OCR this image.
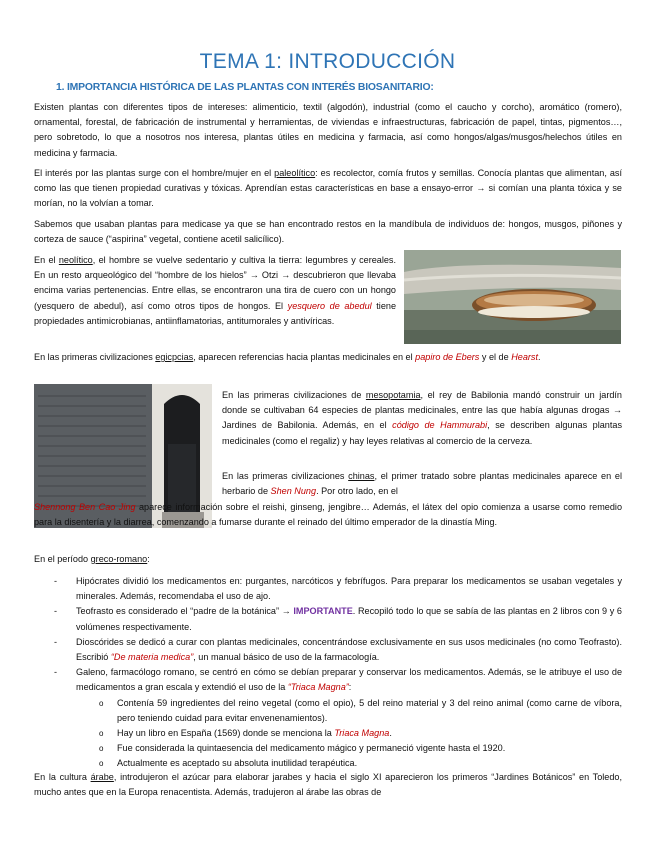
TEMA 1: INTRODUCCIÓN
1. IMPORTANCIA HISTÓRICA DE LAS PLANTAS CON INTERÉS BIOSANITARIO:

Existen plantas con diferentes tipos de intereses: alimenticio, textil (algodón), industrial (como el caucho y corcho), aromático (romero), ornamental, forestal, de fabricación de instrumental y herramientas, de viviendas e infraestructuras, fabricación de papel, tintas, pigmentos…, pero sobretodo, lo que a nosotros nos interesa, plantas útiles en medicina y farmacia, así como hongos/algas/musgos/helechos útiles en medicina y farmacia.

El interés por las plantas surge con el hombre/mujer en el paleolítico: es recolector, comía frutos y semillas. Conocía plantas que alimentan, así como las que tienen propiedad curativas y tóxicas. Aprendían estas características en base a ensayo-error → si comían una planta tóxica y se morían, no la volvían a tomar.

Sabemos que usaban plantas para medicase ya que se han encontrado restos en la mandíbula de individuos de: hongos, musgos, piñones y corteza de sauce (“aspirina” vegetal, contiene acetil salicílico).

En el neolítico, el hombre se vuelve sedentario y cultiva la tierra: legumbres y cereales. En un resto arqueológico del “hombre de los hielos” → Otzi → descubrieron que llevaba encima varias pertenencias. Entre ellas, se encontraron una tira de cuero con un hongo (yesquero de abedul), así como otros tipos de hongos. El yesquero de abedul tiene propiedades antimicrobianas, antiinflamatorias, antitumorales y antivíricas.

En las primeras civilizaciones egicpcias, aparecen referencias hacia plantas medicinales en el papiro de Ebers y el de Hearst.

En las primeras civilizaciones de mesopotamia, el rey de Babilonia mandó construir un jardín donde se cultivaban 64 especies de plantas medicinales, entre las que había algunas drogas → Jardines de Babilonia. Además, en el código de Hammurabi, se describen algunas plantas medicinales (como el regaliz) y hay leyes relativas al comercio de la cerveza.

En las primeras civilizaciones chinas, el primer tratado sobre plantas medicinales aparece en el herbario de Shen Nung. Por otro lado, en el

Shennong Ben Cao Jing aparece información sobre el reishi, ginseng, jengibre… Además, el látex del opio comienza a usarse como remedio para la disentería y la diarrea, comenzando a fumarse durante el reinado del último emperador de la dinastía Ming.

En el período greco-romano:

- Hipócrates dividió los medicamentos en: purgantes, narcóticos y febrífugos. Para preparar los medicamentos se usaban vegetales y minerales. Además, recomendaba el uso de ajo.
- Teofrasto es considerado el “padre de la botánica” → IMPORTANTE. Recopiló todo lo que se sabía de las plantas en 2 libros con 9 y 6 volúmenes respectivamente.
- Dioscórides se dedicó a curar con plantas medicinales, concentrándose exclusivamente en sus usos medicinales (no como Teofrasto). Escribió “De materia medica”, un manual básico de uso de la farmacología.
- Galeno, farmacólogo romano, se centró en cómo se debían preparar y conservar los medicamentos. Además, se le atribuye el uso de medicamentos a gran escala y extendió el uso de la “Triaca Magna”:
o Contenía 59 ingredientes del reino vegetal (como el opio), 5 del reino material y 3 del reino animal (como carne de víbora, pero teniendo cuidad para evitar envenenamientos).
o Hay un libro en España (1569) donde se menciona la Triaca Magna.
o Fue considerada la quintaesencia del medicamento mágico y permaneció vigente hasta el 1920.
o Actualmente es aceptado su absoluta inutilidad terapéutica.

En la cultura árabe, introdujeron el azúcar para elaborar jarabes y hacia el siglo XI aparecieron los primeros “Jardines Botánicos” en Toledo, mucho antes que en la Europa renacentista. Además, tradujeron al árabe las obras de
